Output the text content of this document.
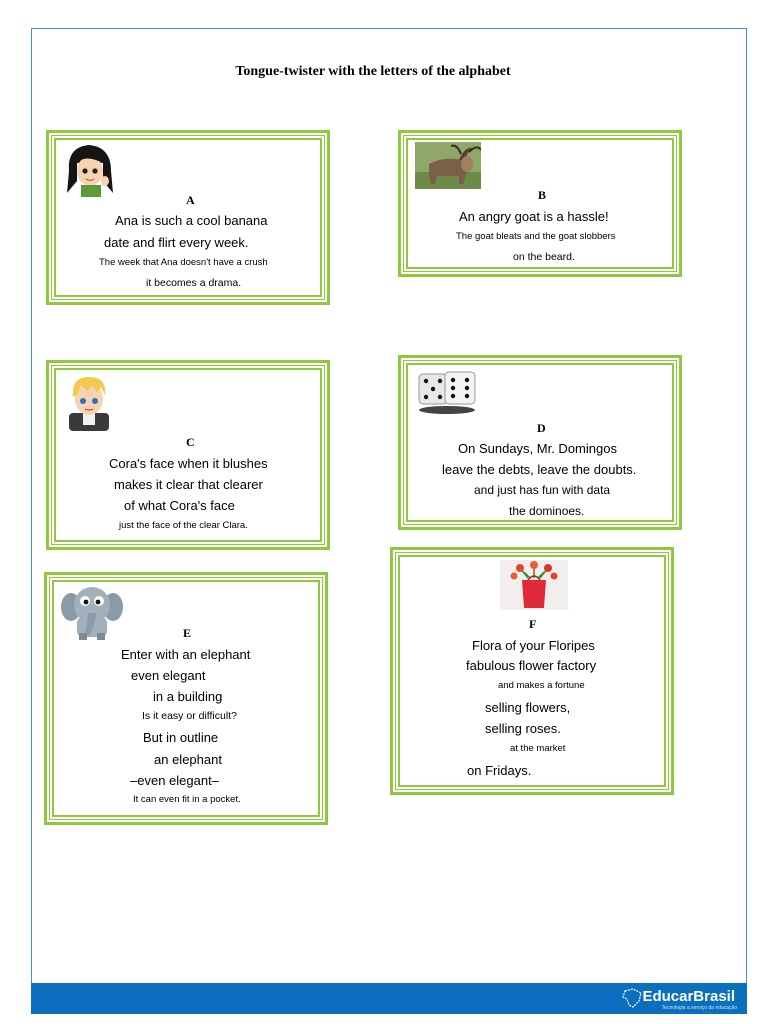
Tongue-twister with the letters of the alphabet
A
Ana is such a cool banana
date and flirt every week.
The week that Ana doesn't have a crush
it becomes a drama.
B
An angry goat is a hassle!
The goat bleats and the goat slobbers
on the beard.
C
Cora's face when it blushes
makes it clear that clearer
of what Cora's face
just the face of the clear Clara.
D
On Sundays, Mr. Domingos
leave the debts, leave the doubts.
and just has fun with data
the dominoes.
E
Enter with an elephant
even elegant
in a building
Is it easy or difficult?
But in outline
an elephant
–even elegant–
It can even fit in a pocket.
F
Flora of your Floripes
fabulous flower factory
and makes a fortune
selling flowers,
selling roses.
at the market
on Fridays.
EducarBrasil
Tecnologia a serviço da educação
